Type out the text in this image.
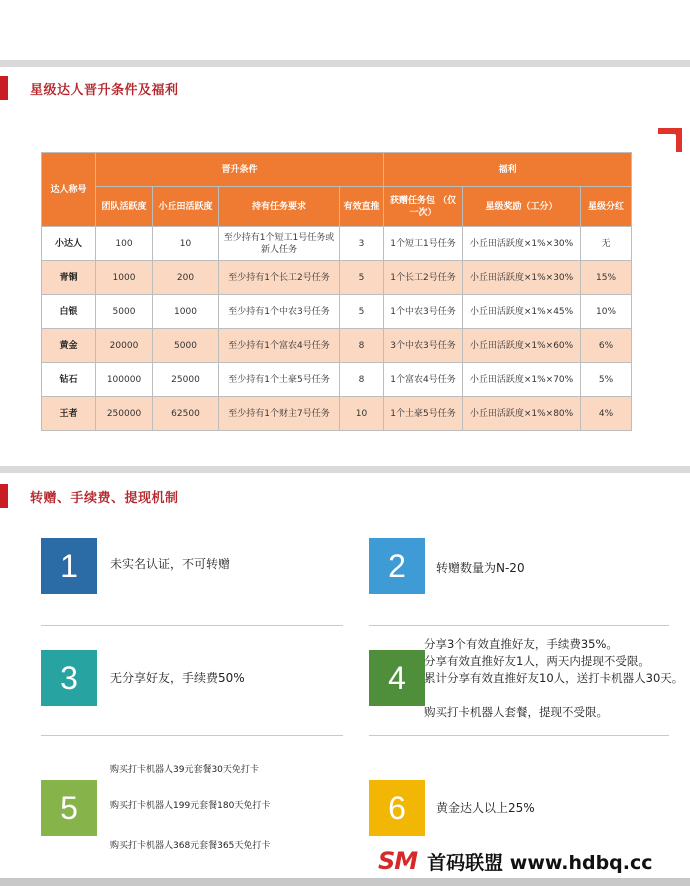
星级达人晋升条件及福利
达人称号	晋升条件				福利		
	团队活跃度	小丘田活跃度	持有任务要求	有效直推	获赠任务包 （仅一次）	星级奖励（工分）	星级分红
小达人	100	10	至少持有1个短工1号任务或新人任务	3	1个短工1号任务	小丘田活跃度×1%×30%	无
青铜	1000	200	至少持有1个长工2号任务	5	1个长工2号任务	小丘田活跃度×1%×30%	15%
白银	5000	1000	至少持有1个中农3号任务	5	1个中农3号任务	小丘田活跃度×1%×45%	10%
黄金	20000	5000	至少持有1个富农4号任务	8	3个中农3号任务	小丘田活跃度×1%×60%	6%
钻石	100000	25000	至少持有1个土豪5号任务	8	1个富农4号任务	小丘田活跃度×1%×70%	5%
王者	250000	62500	至少持有1个财主7号任务	10	1个土豪5号任务	小丘田活跃度×1%×80%	4%
转赠、手续费、提现机制
1	未实名认证，不可转赠	2	转赠数量为N-20
3	无分享好友，手续费50%	4
分享3个有效直推好友，手续费35%。
分享有效直推好友1人，两天内提现不受限。
累计分享有效直推好友10人，送打卡机器人30天。
购买打卡机器人套餐，提现不受限。
5
购买打卡机器人39元套餐30天免打卡
购买打卡机器人199元套餐180天免打卡
购买打卡机器人368元套餐365天免打卡
6	黄金达人以上25%
SM 首码联盟 www.hdbq.cc
